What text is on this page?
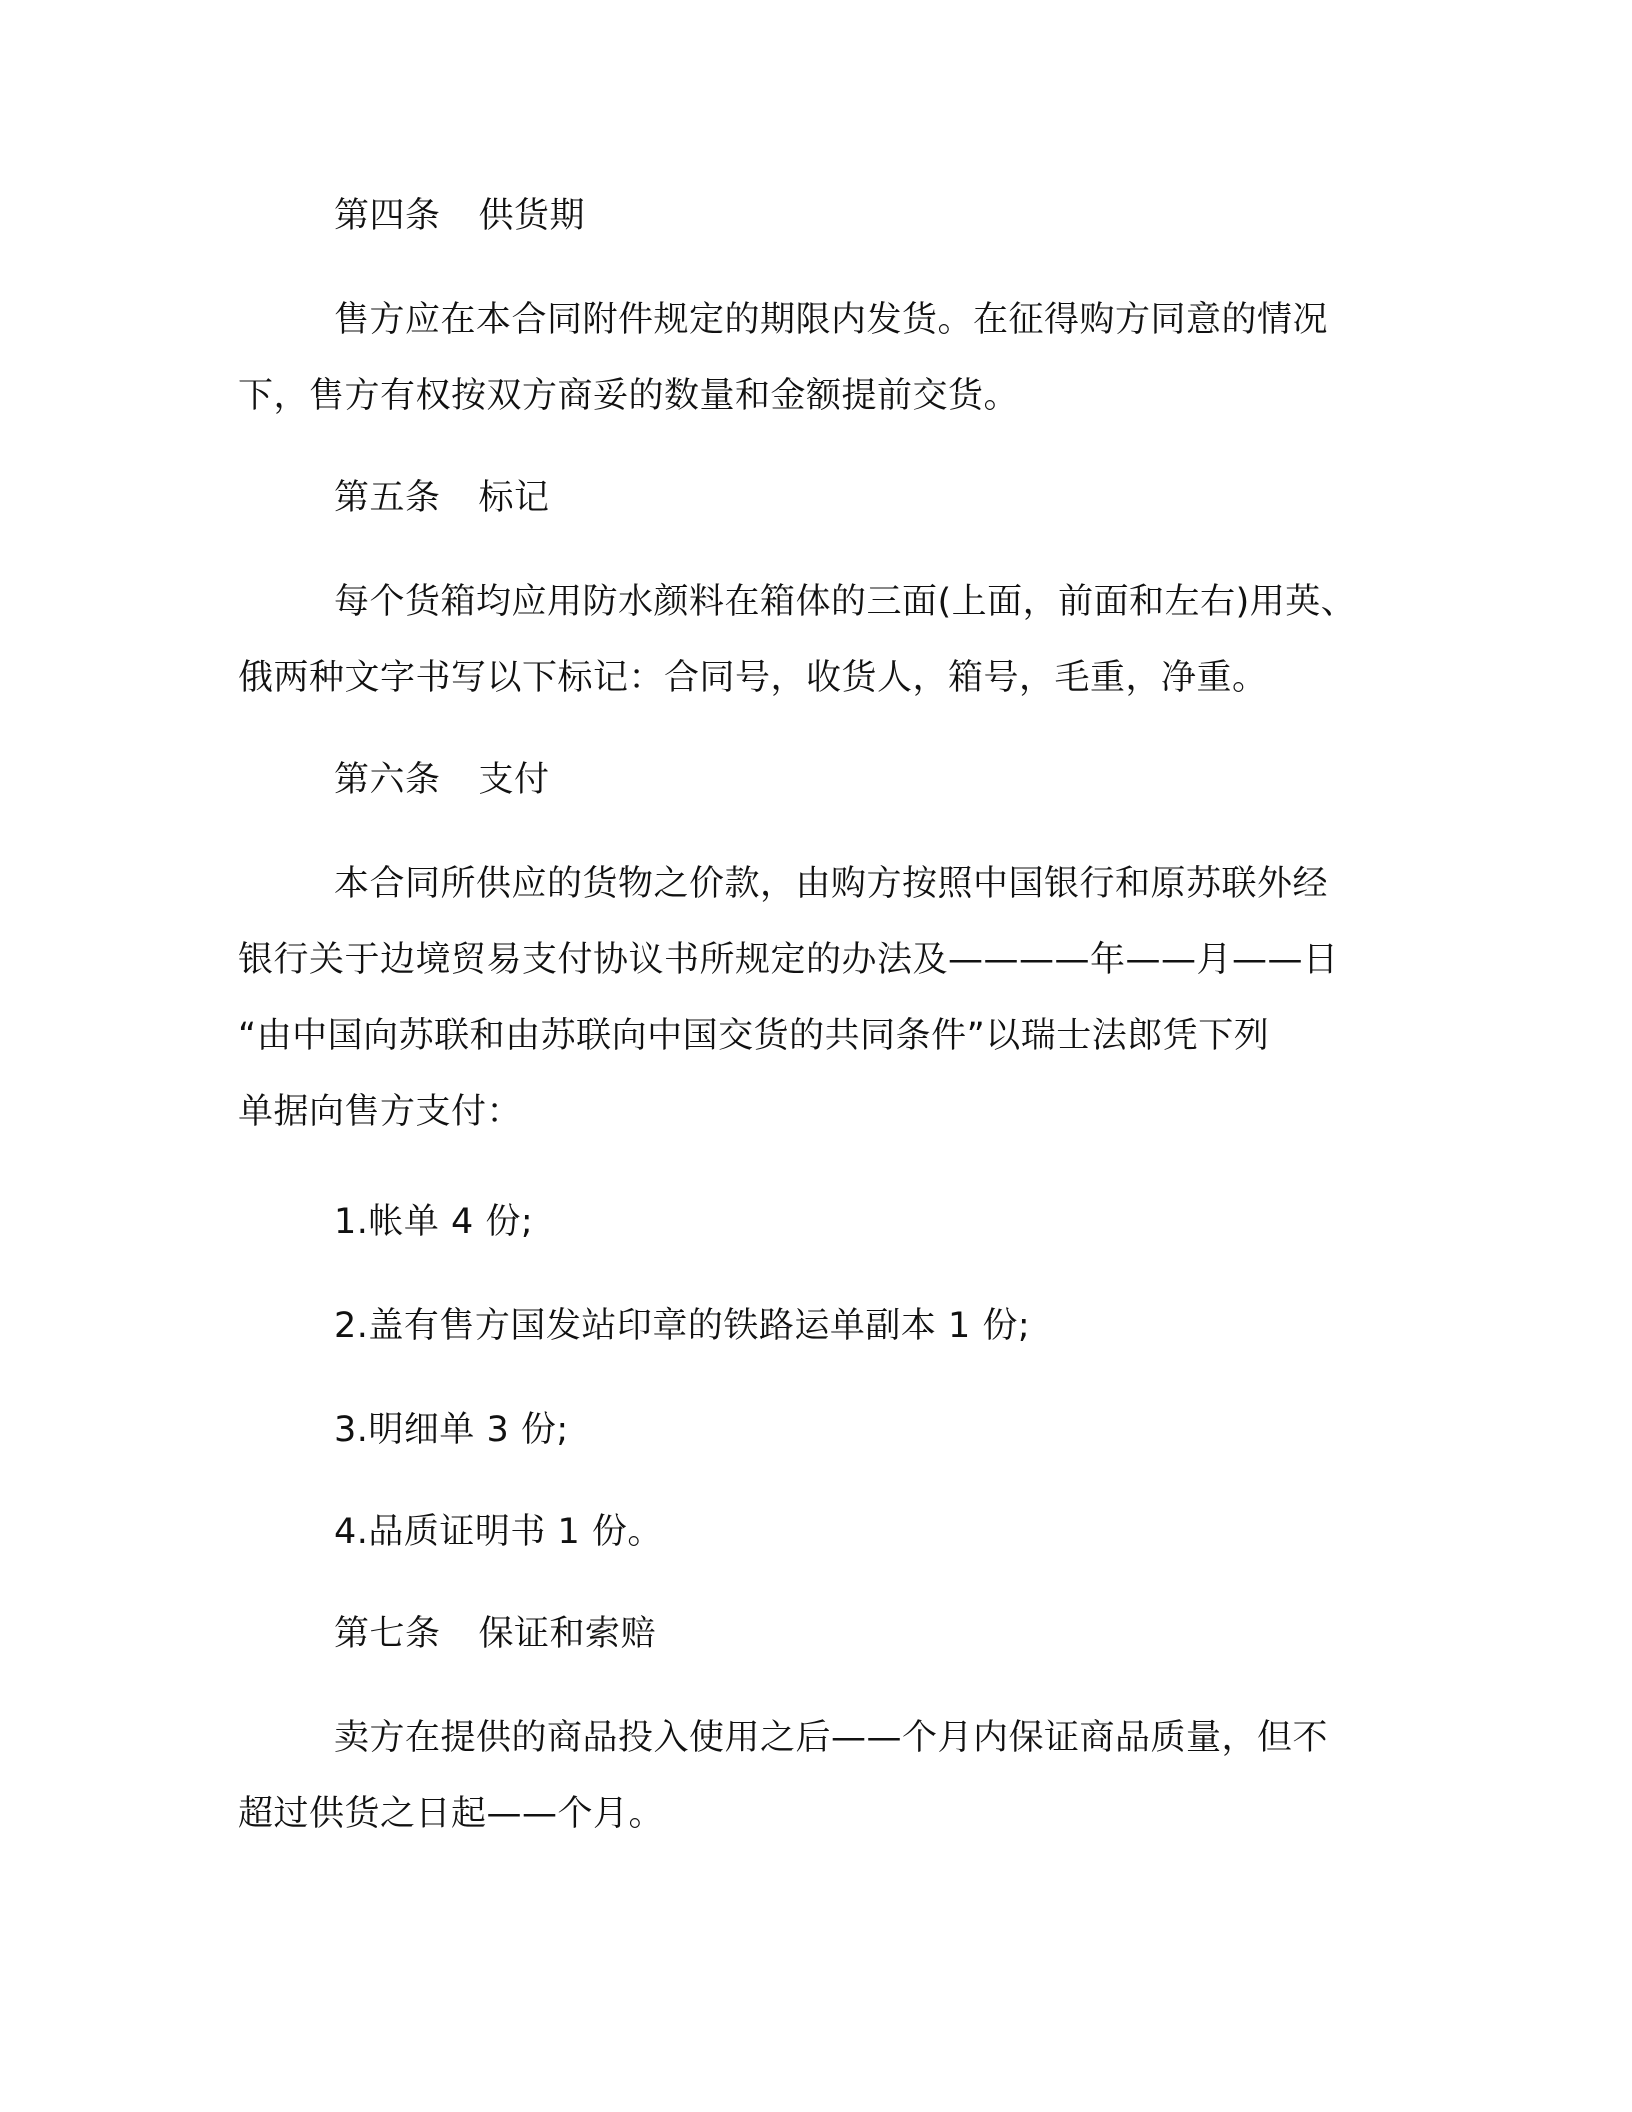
第四条 供货期
售方应在本合同附件规定的期限内发货。在征得购方同意的情况
下，售方有权按双方商妥的数量和金额提前交货。
第五条 标记
每个货箱均应用防水颜料在箱体的三面(上面，前面和左右)用英、
俄两种文字书写以下标记：合同号，收货人，箱号，毛重，净重。
第六条 支付
本合同所供应的货物之价款，由购方按照中国银行和原苏联外经
银行关于边境贸易支付协议书所规定的办法及————年——月——日
“由中国向苏联和由苏联向中国交货的共同条件”以瑞士法郎凭下列
单据向售方支付：
1.帐单 4 份;
2.盖有售方国发站印章的铁路运单副本 1 份;
3.明细单 3 份;
4.品质证明书 1 份。
第七条 保证和索赔
卖方在提供的商品投入使用之后——个月内保证商品质量，但不
超过供货之日起——个月。
